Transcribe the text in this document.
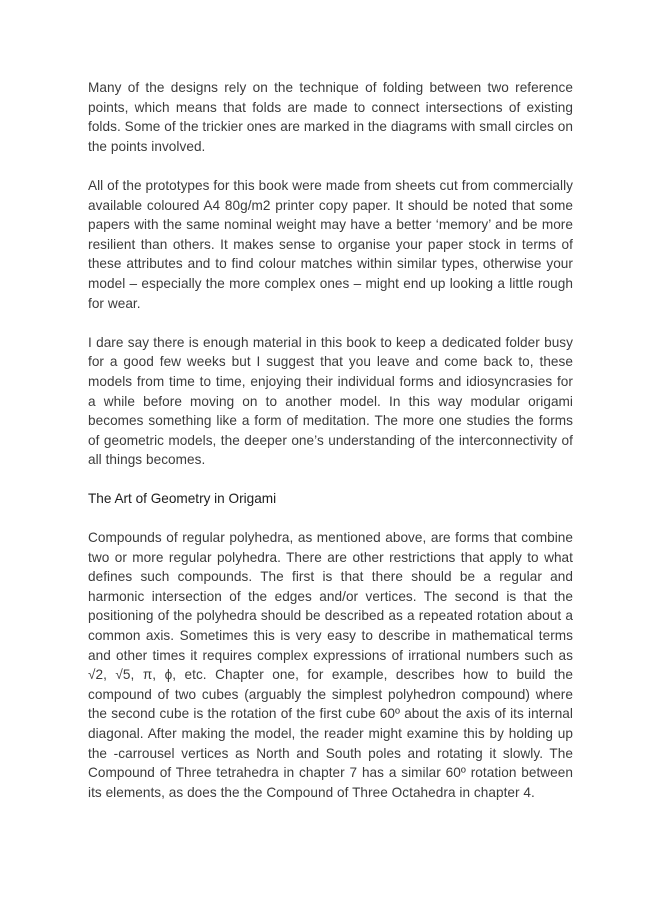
Many of the designs rely on the technique of folding between two reference points, which means that folds are made to connect intersections of existing folds. Some of the trickier ones are marked in the diagrams with small circles on the points involved.

All of the prototypes for this book were made from sheets cut from commercially available coloured A4 80g/m2 printer copy paper. It should be noted that some papers with the same nominal weight may have a better ‘memory’ and be more resilient than others. It makes sense to organise your paper stock in terms of these attributes and to find colour matches within similar types, otherwise your model – especially the more complex ones – might end up looking a little rough for wear.

I dare say there is enough material in this book to keep a dedicated folder busy for a good few weeks but I suggest that you leave and come back to, these models from time to time, enjoying their individual forms and idiosyncrasies for a while before moving on to another model. In this way modular origami becomes something like a form of meditation. The more one studies the forms of geometric models, the deeper one’s understanding of the interconnectivity of all things becomes.

The Art of Geometry in Origami

Compounds of regular polyhedra, as mentioned above, are forms that combine two or more regular polyhedra. There are other restrictions that apply to what defines such compounds. The first is that there should be a regular and harmonic intersection of the edges and/or vertices. The second is that the positioning of the polyhedra should be described as a repeated rotation about a common axis. Sometimes this is very easy to describe in mathematical terms and other times it requires complex expressions of irrational numbers such as √2, √5, π, ϕ, etc. Chapter one, for example, describes how to build the compound of two cubes (arguably the simplest polyhedron compound) where the second cube is the rotation of the first cube 60º about the axis of its internal diagonal. After making the model, the reader might examine this by holding up the -carrousel vertices as North and South poles and rotating it slowly. The Compound of Three tetrahedra in chapter 7 has a similar 60º rotation between its elements, as does the the Compound of Three Octahedra in chapter 4.
